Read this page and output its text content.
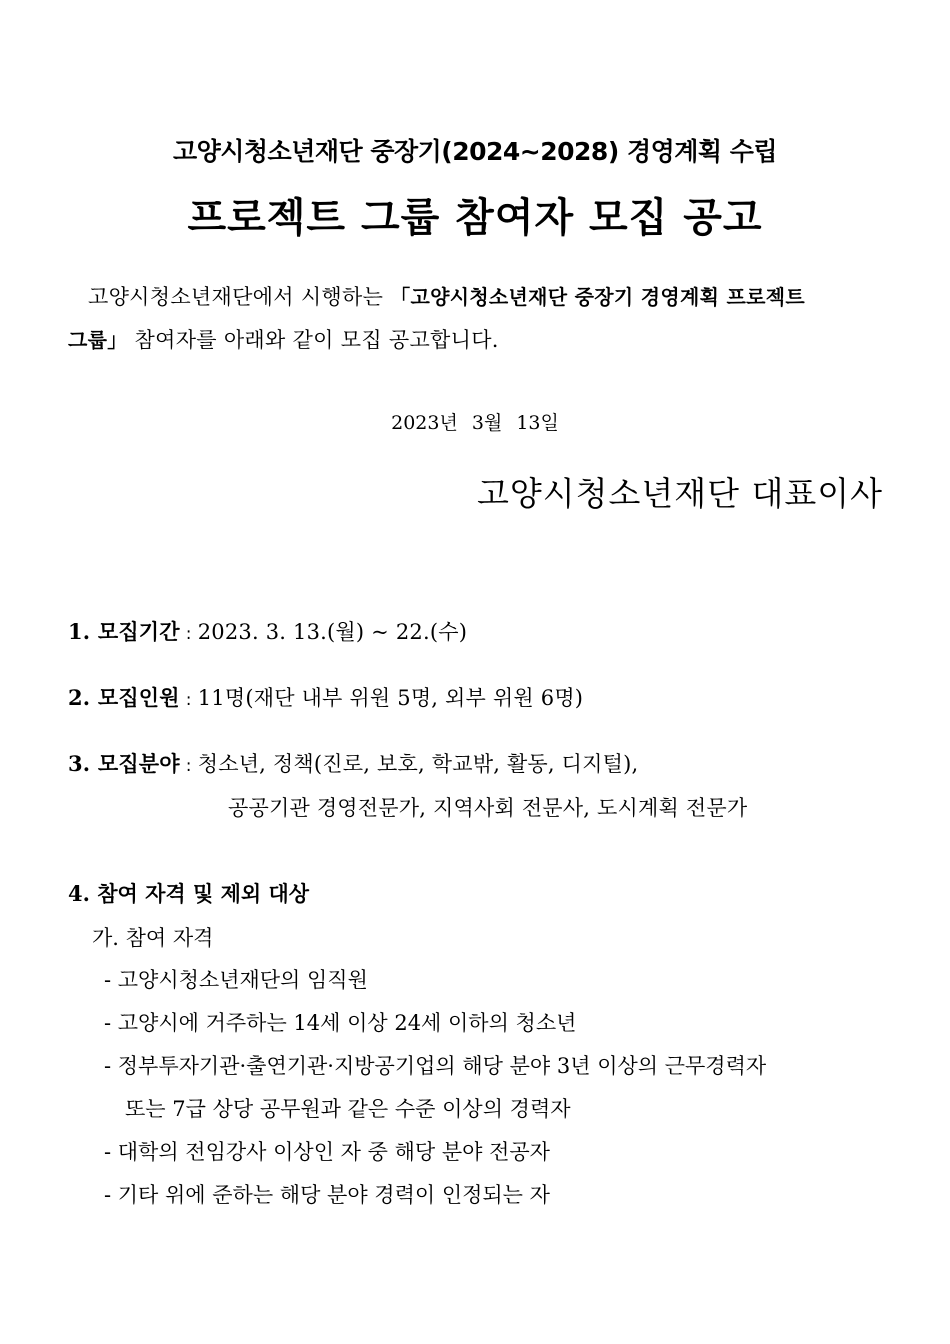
고양시청소년재단 중장기(2024~2028) 경영계획 수립
프로젝트 그룹 참여자 모집 공고
고양시청소년재단에서 시행하는 「고양시청소년재단 중장기 경영계획 프로젝트
그룹」 참여자를 아래와 같이 모집 공고합니다.
2023년 3월 13일
고양시청소년재단 대표이사
1. 모집기간 : 2023. 3. 13.(월) ~ 22.(수)
2. 모집인원 : 11명(재단 내부 위원 5명, 외부 위원 6명)
3. 모집분야 : 청소년, 정책(진로, 보호, 학교밖, 활동, 디지털),
공공기관 경영전문가, 지역사회 전문사, 도시계획 전문가
4. 참여 자격 및 제외 대상
가. 참여 자격
- 고양시청소년재단의 임직원
- 고양시에 거주하는 14세 이상 24세 이하의 청소년
- 정부투자기관·출연기관·지방공기업의 해당 분야 3년 이상의 근무경력자
또는 7급 상당 공무원과 같은 수준 이상의 경력자
- 대학의 전임강사 이상인 자 중 해당 분야 전공자
- 기타 위에 준하는 해당 분야 경력이 인정되는 자
